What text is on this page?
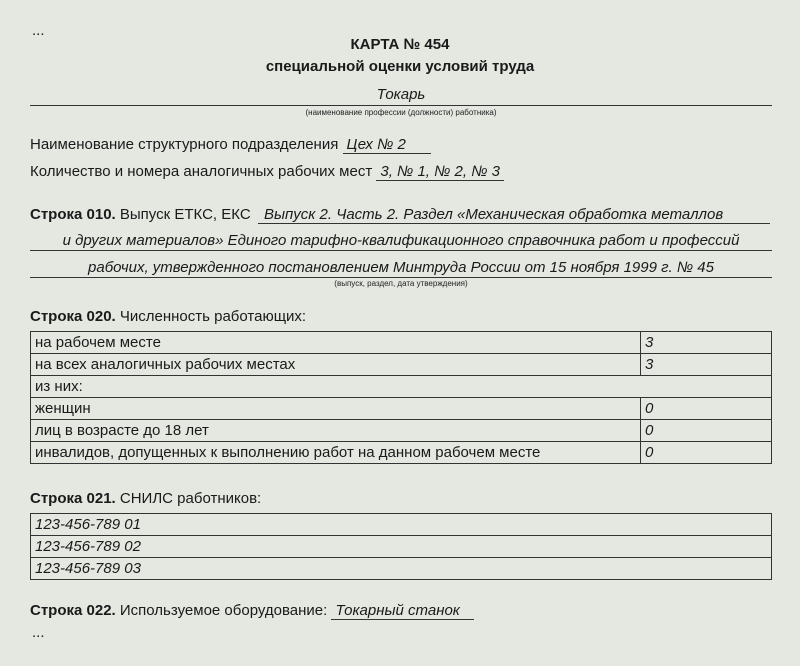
...
КАРТА № 454
специальной оценки условий труда
Токарь
(наименование профессии (должности) работника)
Наименование структурного подразделения Цех № 2
Количество и номера аналогичных рабочих мест 3, № 1, № 2, № 3
Строка 010. Выпуск ЕТКС, ЕКС Выпуск 2. Часть 2. Раздел «Механическая обработка металлов
и других материалов» Единого тарифно-квалификационного справочника работ и профессий
рабочих, утвержденного постановлением Минтруда России от 15 ноября 1999 г. № 45
(выпуск, раздел, дата утверждения)
Строка 020. Численность работающих:
на рабочем месте	3
на всех аналогичных рабочих местах	3
из них:	
женщин	0
лиц в возрасте до 18 лет	0
инвалидов, допущенных к выполнению работ на данном рабочем месте	0
Строка 021. СНИЛС работников:
123-456-789 01
123-456-789 02
123-456-789 03
Строка 022. Используемое оборудование: Токарный станок
...
